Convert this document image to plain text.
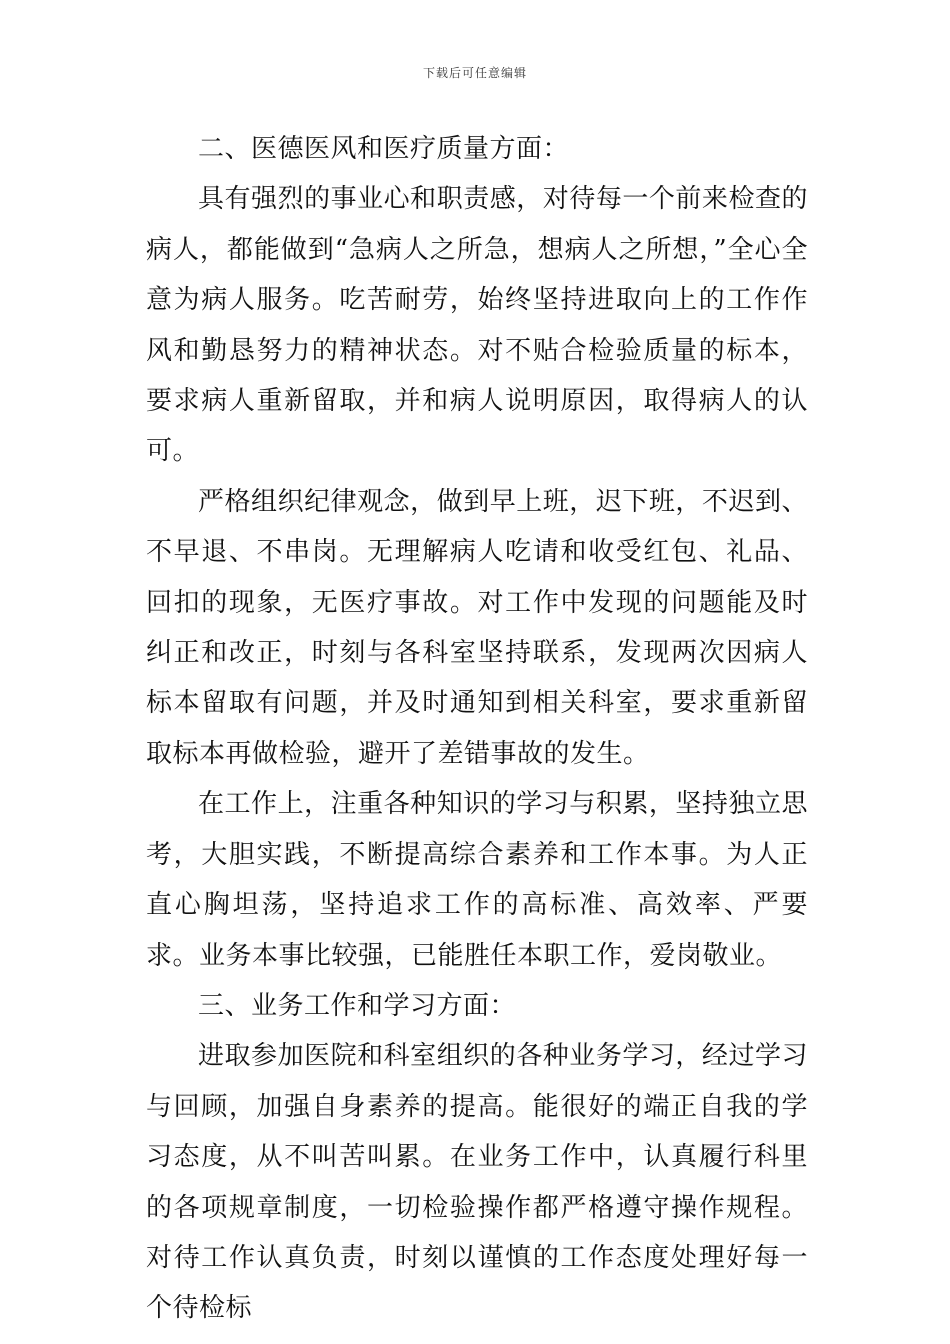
下载后可任意编辑

二、医德医风和医疗质量方面：

具有强烈的事业心和职责感，对待每一个前来检查的病人，都能做到“急病人之所急，想病人之所想，”全心全意为病人服务。吃苦耐劳，始终坚持进取向上的工作作风和勤恳努力的精神状态。对不贴合检验质量的标本，要求病人重新留取，并和病人说明原因，取得病人的认可。

严格组织纪律观念，做到早上班，迟下班，不迟到、不早退、不串岗。无理解病人吃请和收受红包、礼品、回扣的现象，无医疗事故。对工作中发现的问题能及时纠正和改正，时刻与各科室坚持联系，发现两次因病人标本留取有问题，并及时通知到相关科室，要求重新留取标本再做检验，避开了差错事故的发生。

在工作上，注重各种知识的学习与积累，坚持独立思考，大胆实践，不断提高综合素养和工作本事。为人正直心胸坦荡，坚持追求工作的高标准、高效率、严要求。业务本事比较强，已能胜任本职工作，爱岗敬业。

三、业务工作和学习方面：

进取参加医院和科室组织的各种业务学习，经过学习与回顾，加强自身素养的提高。能很好的端正自我的学习态度，从不叫苦叫累。在业务工作中，认真履行科里的各项规章制度，一切检验操作都严格遵守操作规程。对待工作认真负责，时刻以谨慎的工作态度处理好每一个待检标
